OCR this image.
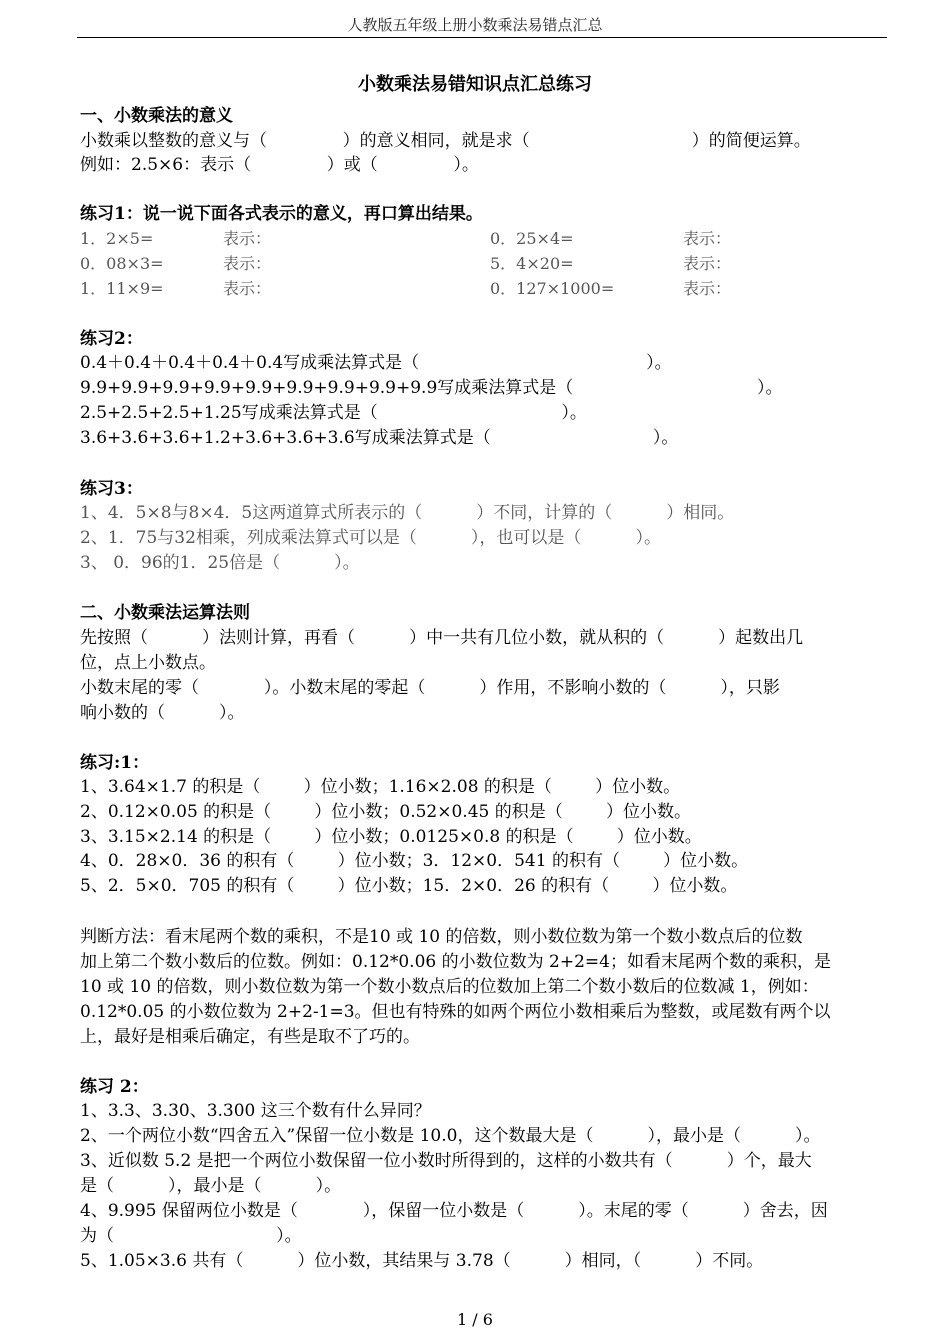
人教版五年级上册小数乘法易错点汇总
小数乘法易错知识点汇总练习
一、小数乘法的意义
小数乘以整数的意义与（              ）的意义相同，就是求（                              ）的简便运算。
例如：2.5×6：表示（              ）或（              ）。
练习1：说一说下面各式表示的意义，再口算出结果。
1．2×5=	表示：	0．25×4=	表示：
0．08×3=	表示：	5．4×20=	表示：
1．11×9=	表示：	0．127×1000=	表示：
练习2：
0.4＋0.4＋0.4＋0.4＋0.4写成乘法算式是（                                          ）。
9.9+9.9+9.9+9.9+9.9+9.9+9.9+9.9+9.9写成乘法算式是（                                  ）。
2.5+2.5+2.5+1.25写成乘法算式是（                                  ）。
3.6+3.6+3.6+1.2+3.6+3.6+3.6写成乘法算式是（                              ）。
练习3：
1、4．5×8与8×4．5这两道算式所表示的（          ）不同，计算的（          ）相同。
2、1．75与32相乘，列成乘法算式可以是（          ），也可以是（          ）。
3、 0．96的1．25倍是（          ）。
二、小数乘法运算法则
先按照（          ）法则计算，再看（          ）中一共有几位小数，就从积的（          ）起数出几
位，点上小数点。
小数末尾的零（            ）。小数末尾的零起（          ）作用，不影响小数的（          ），只影
响小数的（          ）。
练习:1：
1、3.64×1.7 的积是（        ）位小数；1.16×2.08 的积是（        ）位小数。
2、0.12×0.05 的积是（        ）位小数；0.52×0.45 的积是（        ）位小数。
3、3.15×2.14 的积是（        ）位小数；0.0125×0.8 的积是（        ）位小数。
4、0．28×0．36 的积有（        ）位小数；3．12×0．541 的积有（        ）位小数。
5、2．5×0．705 的积有（        ）位小数；15．2×0．26 的积有（        ）位小数。
判断方法：看末尾两个数的乘积，不是10 或 10 的倍数，则小数位数为第一个数小数点后的位数
加上第二个数小数后的位数。例如：0.12*0.06 的小数位数为 2+2=4；如看末尾两个数的乘积，是
10 或 10 的倍数，则小数位数为第一个数小数点后的位数加上第二个数小数后的位数减 1，例如：
0.12*0.05 的小数位数为 2+2-1=3。但也有特殊的如两个两位小数相乘后为整数，或尾数有两个以
上，最好是相乘后确定，有些是取不了巧的。
练习 2：
1、3.3、3.30、3.300 这三个数有什么异同？
2、一个两位小数“四舍五入”保留一位小数是 10.0，这个数最大是（          ），最小是（          ）。
3、近似数 5.2 是把一个两位小数保留一位小数时所得到的，这样的小数共有（          ）个，最大
是（          ），最小是（          ）。
4、9.995 保留两位小数是（            ），保留一位小数是（          ）。末尾的零（          ）舍去，因
为（                              ）。
5、1.05×3.6 共有（          ）位小数，其结果与 3.78（          ）相同，（          ）不同。
1 / 6
